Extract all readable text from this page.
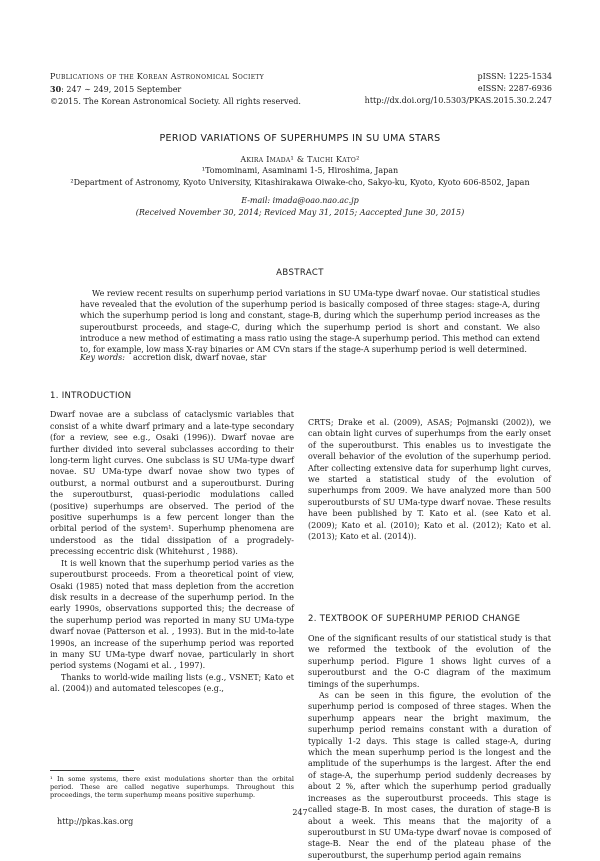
Publications of the Korean Astronomical Society
30: 247 ∼ 249, 2015 September
©2015. The Korean Astronomical Society. All rights reserved.
pISSN: 1225-1534
eISSN: 2287-6936
http://dx.doi.org/10.5303/PKAS.2015.30.2.247
PERIOD VARIATIONS OF SUPERHUMPS IN SU UMA STARS
Akira Imada¹ & Taichi Kato²
¹Tomominami, Asaminami 1-5, Hiroshima, Japan
²Department of Astronomy, Kyoto University, Kitashirakawa Oiwake-cho, Sakyo-ku, Kyoto, Kyoto 606-8502, Japan
E-mail: imada@oao.nao.ac.jp
(Received November 30, 2014; Reviced May 31, 2015; Aaccepted June 30, 2015)
ABSTRACT
We review recent results on superhump period variations in SU UMa-type dwarf novae. Our statistical studies have revealed that the evolution of the superhump period is basically composed of three stages: stage-A, during which the superhump period is long and constant, stage-B, during which the superhump period increases as the superoutburst proceeds, and stage-C, during which the superhump period is short and constant. We also introduce a new method of estimating a mass ratio using the stage-A superhump period. This method can extend to, for example, low mass X-ray binaries or AM CVn stars if the stage-A superhump period is well determined.
Key words: accretion disk, dwarf novae, star
1. INTRODUCTION

Dwarf novae are a subclass of cataclysmic variables that consist of a white dwarf primary and a late-type secondary (for a review, see e.g., Osaki (1996)). Dwarf novae are further divided into several subclasses according to their long-term light curves. One subclass is SU UMa-type dwarf novae. SU UMa-type dwarf novae show two types of outburst, a normal outburst and a superoutburst. During the superoutburst, quasi-periodic modulations called (positive) superhumps are observed. The period of the positive superhumps is a few percent longer than the orbital period of the system¹. Superhump phenomena are understood as the tidal dissipation of a progradely-precessing eccentric disk (Whitehurst , 1988).

It is well known that the superhump period varies as the superoutburst proceeds. From a theoretical point of view, Osaki (1985) noted that mass depletion from the accretion disk results in a decrease of the superhump period. In the early 1990s, observations supported this; the decrease of the superhump period was reported in many SU UMa-type dwarf novae (Patterson et al. , 1993). But in the mid-to-late 1990s, an increase of the superhump period was reported in many SU UMa-type dwarf novae, particularly in short period systems (Nogami et al. , 1997).

Thanks to world-wide mailing lists (e.g., VSNET; Kato et al. (2004)) and automated telescopes (e.g.,

¹ In some systems, there exist modulations shorter than the orbital period. These are called negative superhumps. Throughout this proceedings, the term superhump means positive superhump.
http://pkas.kas.org

CRTS; Drake et al. (2009), ASAS; Pojmanski (2002)), we can obtain light curves of superhumps from the early onset of the superoutburst. This enables us to investigate the overall behavior of the evolution of the superhump period. After collecting extensive data for superhump light curves, we started a statistical study of the evolution of superhumps from 2009. We have analyzed more than 500 superoutbursts of SU UMa-type dwarf novae. These results have been published by T. Kato et al. (see Kato et al. (2009); Kato et al. (2010); Kato et al. (2012); Kato et al. (2013); Kato et al. (2014)).

2. TEXTBOOK OF SUPERHUMP PERIOD CHANGE

One of the significant results of our statistical study is that we reformed the textbook of the evolution of the superhump period. Figure 1 shows light curves of a superoutburst and the O-C diagram of the maximum timings of the superhumps.

As can be seen in this figure, the evolution of the superhump period is composed of three stages. When the superhump appears near the bright maximum, the superhump period remains constant with a duration of typically 1-2 days. This stage is called stage-A, during which the mean superhump period is the longest and the amplitude of the superhumps is the largest. After the end of stage-A, the superhump period suddenly decreases by about 2 %, after which the superhump period gradually increases as the superoutburst proceeds. This stage is called stage-B. In most cases, the duration of stage-B is about a week. This means that the majority of a superoutburst in SU UMa-type dwarf novae is composed of stage-B. Near the end of the plateau phase of the superoutburst, the superhump period again remains

247
